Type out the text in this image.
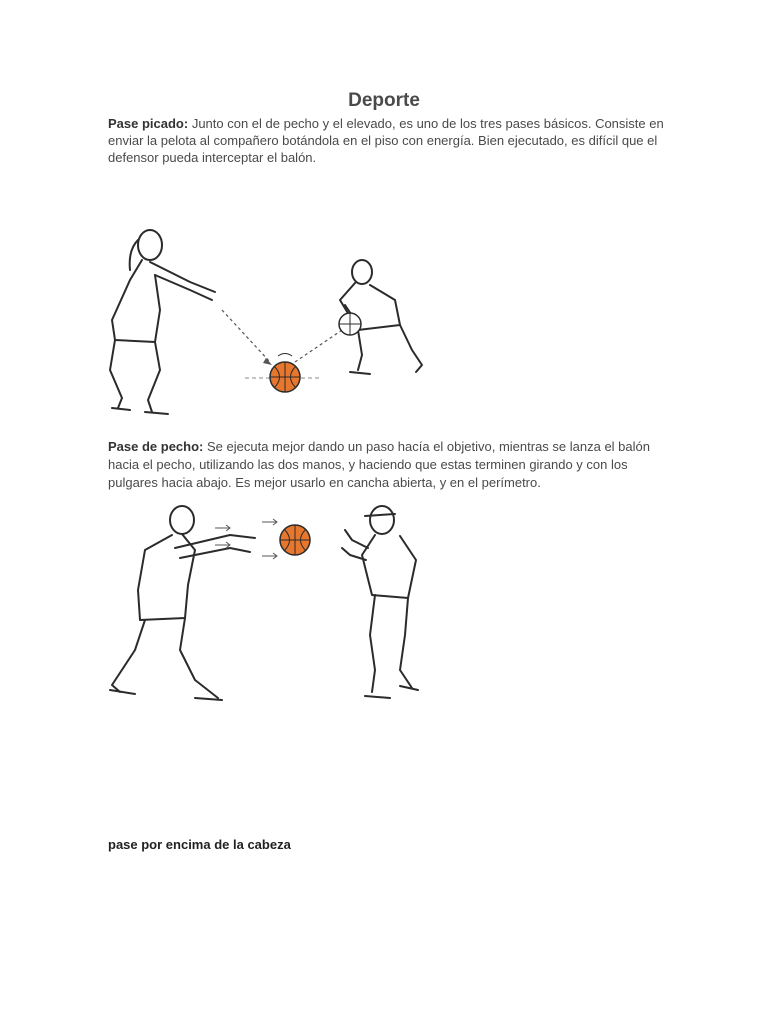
Deporte
Pase picado: Junto con el de pecho y el elevado, es uno de los tres pases básicos. Consiste en enviar la pelota al compañero botándola en el piso con energía. Bien ejecutado, es difícil que el defensor pueda interceptar el balón.
Pase de pecho: Se ejecuta mejor dando un paso hacía el objetivo, mientras se lanza el balón hacia el pecho, utilizando las dos manos, y haciendo que estas terminen girando y con los pulgares hacia abajo. Es mejor usarlo en cancha abierta, y en el perímetro.
pase por encima de la cabeza
